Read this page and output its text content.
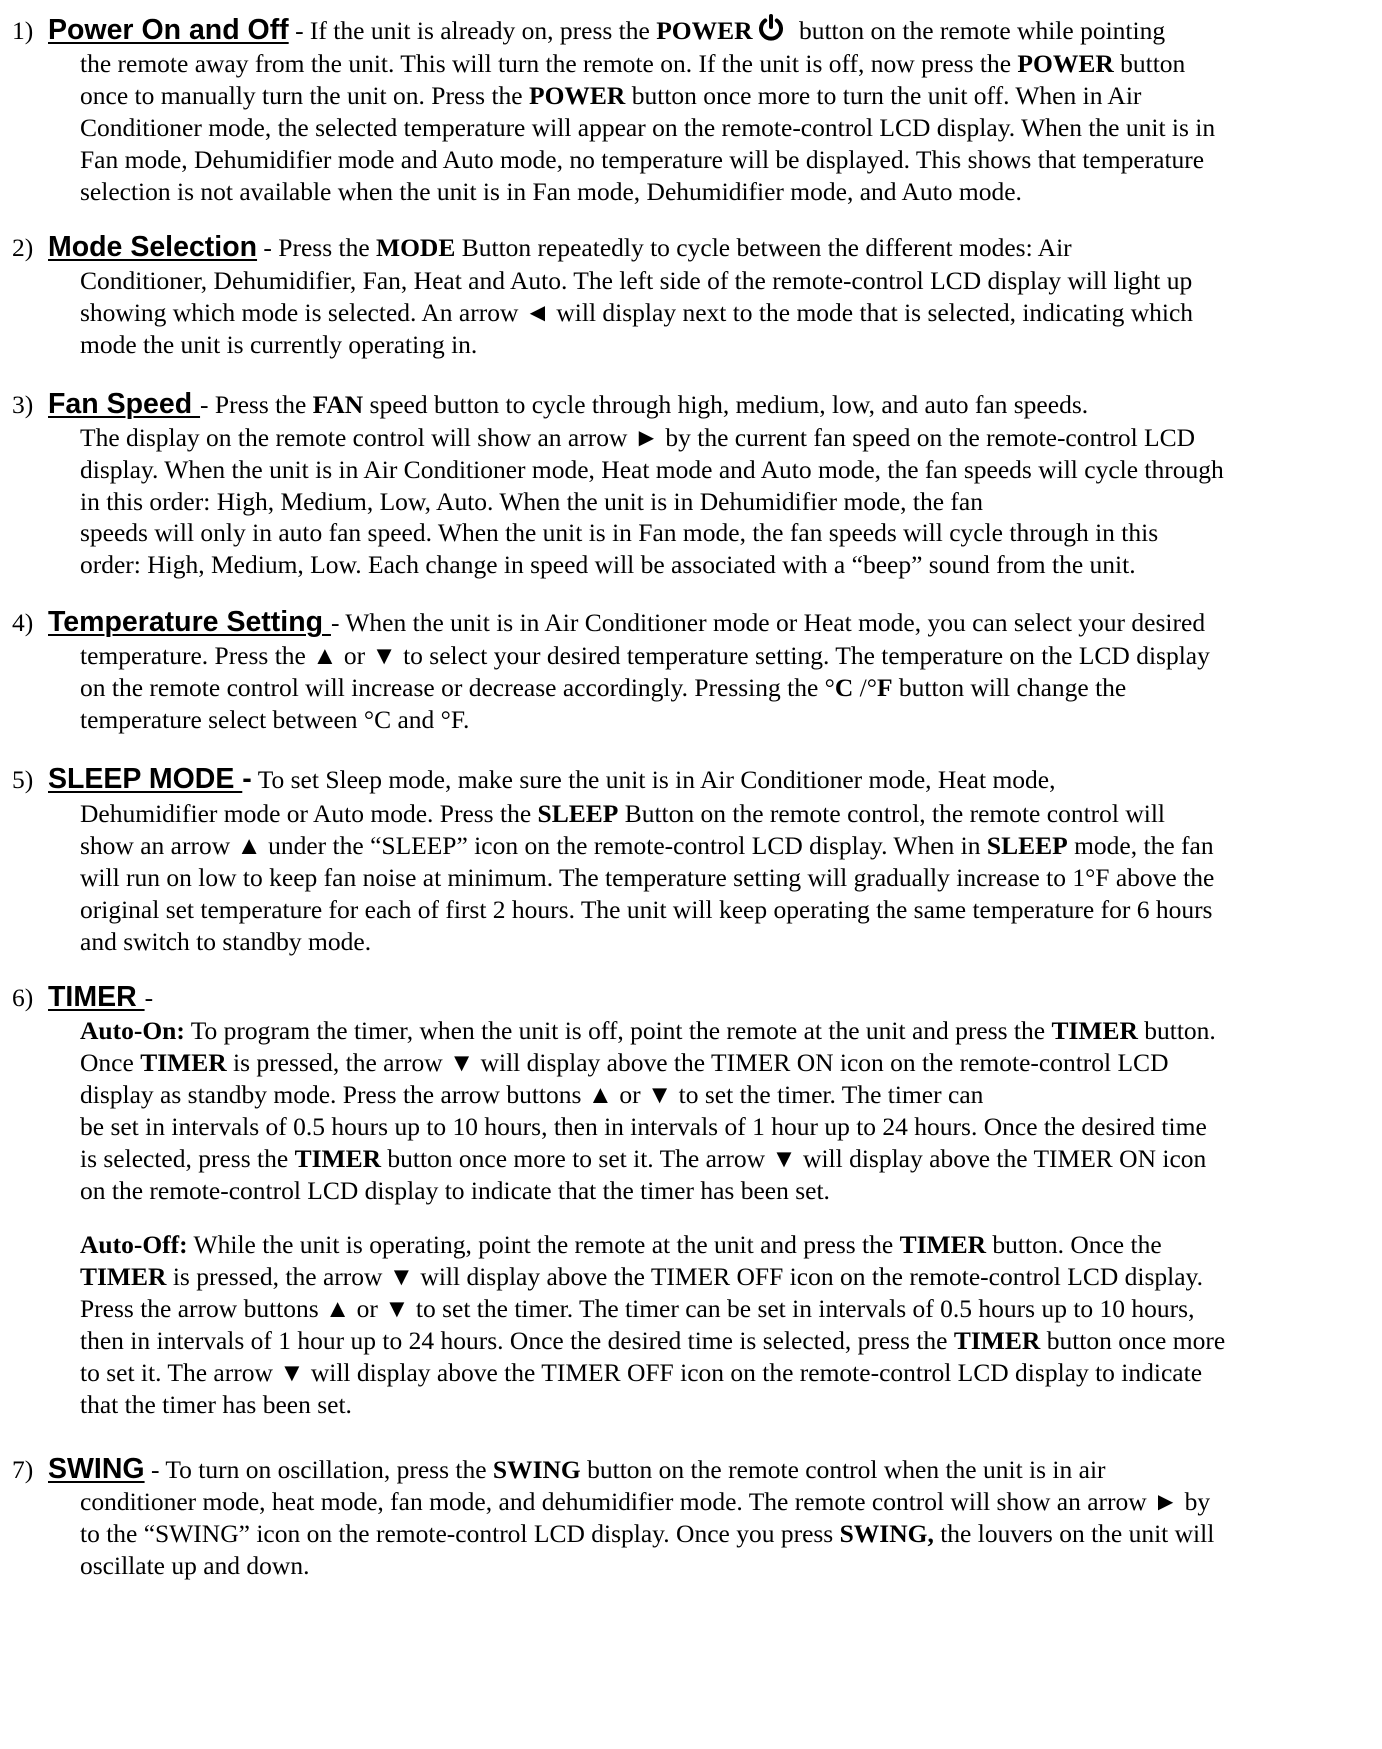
1) Power On and Off - If the unit is already on, press the POWER button on the remote while pointing
the remote away from the unit. This will turn the remote on. If the unit is off, now press the POWER button
once to manually turn the unit on. Press the POWER button once more to turn the unit off. When in Air
Conditioner mode, the selected temperature will appear on the remote-control LCD display. When the unit is in
Fan mode, Dehumidifier mode and Auto mode, no temperature will be displayed. This shows that temperature
selection is not available when the unit is in Fan mode, Dehumidifier mode, and Auto mode.
2) Mode Selection - Press the MODE Button repeatedly to cycle between the different modes: Air
Conditioner, Dehumidifier, Fan, Heat and Auto. The left side of the remote-control LCD display will light up
showing which mode is selected. An arrow ◄ will display next to the mode that is selected, indicating which
mode the unit is currently operating in.
3) Fan Speed - Press the FAN speed button to cycle through high, medium, low, and auto fan speeds.
The display on the remote control will show an arrow ► by the current fan speed on the remote-control LCD
display. When the unit is in Air Conditioner mode, Heat mode and Auto mode, the fan speeds will cycle through
in this order: High, Medium, Low, Auto. When the unit is in Dehumidifier mode, the fan
speeds will only in auto fan speed. When the unit is in Fan mode, the fan speeds will cycle through in this
order: High, Medium, Low. Each change in speed will be associated with a “beep” sound from the unit.
4) Temperature Setting - When the unit is in Air Conditioner mode or Heat mode, you can select your desired
temperature. Press the ▲ or ▼ to select your desired temperature setting. The temperature on the LCD display
on the remote control will increase or decrease accordingly. Pressing the °C /°F button will change the
temperature select between °C and °F.
5) SLEEP MODE - To set Sleep mode, make sure the unit is in Air Conditioner mode, Heat mode,
Dehumidifier mode or Auto mode. Press the SLEEP Button on the remote control, the remote control will
show an arrow ▲ under the “SLEEP” icon on the remote-control LCD display. When in SLEEP mode, the fan
will run on low to keep fan noise at minimum. The temperature setting will gradually increase to 1°F above the
original set temperature for each of first 2 hours. The unit will keep operating the same temperature for 6 hours
and switch to standby mode.
6) TIMER -
Auto-On: To program the timer, when the unit is off, point the remote at the unit and press the TIMER button.
Once TIMER is pressed, the arrow ▼ will display above the TIMER ON icon on the remote-control LCD
display as standby mode. Press the arrow buttons ▲ or ▼ to set the timer. The timer can
be set in intervals of 0.5 hours up to 10 hours, then in intervals of 1 hour up to 24 hours. Once the desired time
is selected, press the TIMER button once more to set it. The arrow ▼ will display above the TIMER ON icon
on the remote-control LCD display to indicate that the timer has been set.
Auto-Off: While the unit is operating, point the remote at the unit and press the TIMER button. Once the
TIMER is pressed, the arrow ▼ will display above the TIMER OFF icon on the remote-control LCD display.
Press the arrow buttons ▲ or ▼ to set the timer. The timer can be set in intervals of 0.5 hours up to 10 hours,
then in intervals of 1 hour up to 24 hours. Once the desired time is selected, press the TIMER button once more
to set it. The arrow ▼ will display above the TIMER OFF icon on the remote-control LCD display to indicate
that the timer has been set.
7) SWING - To turn on oscillation, press the SWING button on the remote control when the unit is in air
conditioner mode, heat mode, fan mode, and dehumidifier mode. The remote control will show an arrow ► by
to the “SWING” icon on the remote-control LCD display. Once you press SWING, the louvers on the unit will
oscillate up and down.
